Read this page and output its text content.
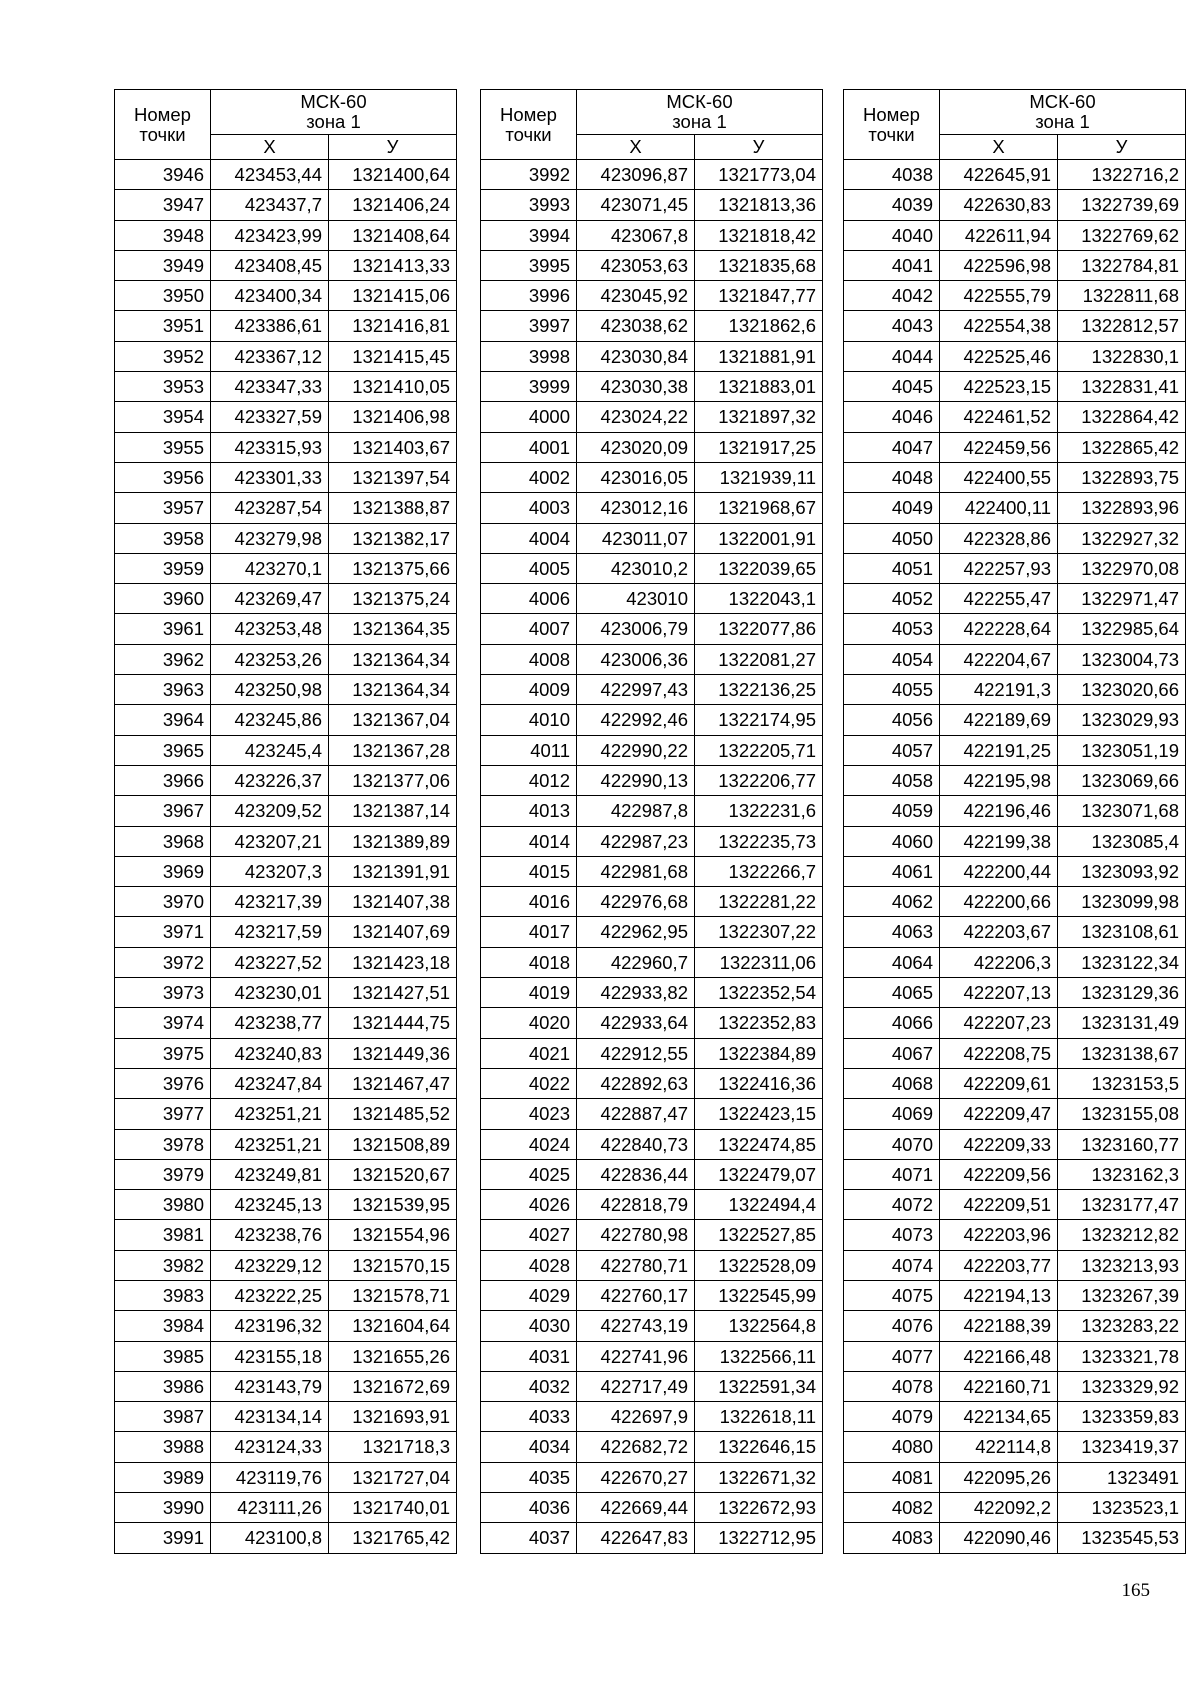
Номер
точки	МСК-60
зона 1	

	Х	У
3946	423453,44	1321400,64
3947	423437,7	1321406,24
3948	423423,99	1321408,64
3949	423408,45	1321413,33
3950	423400,34	1321415,06
3951	423386,61	1321416,81
3952	423367,12	1321415,45
3953	423347,33	1321410,05
3954	423327,59	1321406,98
3955	423315,93	1321403,67
3956	423301,33	1321397,54
3957	423287,54	1321388,87
3958	423279,98	1321382,17
3959	423270,1	1321375,66
3960	423269,47	1321375,24
3961	423253,48	1321364,35
3962	423253,26	1321364,34
3963	423250,98	1321364,34
3964	423245,86	1321367,04
3965	423245,4	1321367,28
3966	423226,37	1321377,06
3967	423209,52	1321387,14
3968	423207,21	1321389,89
3969	423207,3	1321391,91
3970	423217,39	1321407,38
3971	423217,59	1321407,69
3972	423227,52	1321423,18
3973	423230,01	1321427,51
3974	423238,77	1321444,75
3975	423240,83	1321449,36
3976	423247,84	1321467,47
3977	423251,21	1321485,52
3978	423251,21	1321508,89
3979	423249,81	1321520,67
3980	423245,13	1321539,95
3981	423238,76	1321554,96
3982	423229,12	1321570,15
3983	423222,25	1321578,71
3984	423196,32	1321604,64
3985	423155,18	1321655,26
3986	423143,79	1321672,69
3987	423134,14	1321693,91
3988	423124,33	1321718,3
3989	423119,76	1321727,04
3990	423111,26	1321740,01
3991	423100,8	1321765,42
Номер
точки	МСК-60
зона 1	

	Х	У
3992	423096,87	1321773,04
3993	423071,45	1321813,36
3994	423067,8	1321818,42
3995	423053,63	1321835,68
3996	423045,92	1321847,77
3997	423038,62	1321862,6
3998	423030,84	1321881,91
3999	423030,38	1321883,01
4000	423024,22	1321897,32
4001	423020,09	1321917,25
4002	423016,05	1321939,11
4003	423012,16	1321968,67
4004	423011,07	1322001,91
4005	423010,2	1322039,65
4006	423010	1322043,1
4007	423006,79	1322077,86
4008	423006,36	1322081,27
4009	422997,43	1322136,25
4010	422992,46	1322174,95
4011	422990,22	1322205,71
4012	422990,13	1322206,77
4013	422987,8	1322231,6
4014	422987,23	1322235,73
4015	422981,68	1322266,7
4016	422976,68	1322281,22
4017	422962,95	1322307,22
4018	422960,7	1322311,06
4019	422933,82	1322352,54
4020	422933,64	1322352,83
4021	422912,55	1322384,89
4022	422892,63	1322416,36
4023	422887,47	1322423,15
4024	422840,73	1322474,85
4025	422836,44	1322479,07
4026	422818,79	1322494,4
4027	422780,98	1322527,85
4028	422780,71	1322528,09
4029	422760,17	1322545,99
4030	422743,19	1322564,8
4031	422741,96	1322566,11
4032	422717,49	1322591,34
4033	422697,9	1322618,11
4034	422682,72	1322646,15
4035	422670,27	1322671,32
4036	422669,44	1322672,93
4037	422647,83	1322712,95
Номер
точки	МСК-60
зона 1	

	Х	У
4038	422645,91	1322716,2
4039	422630,83	1322739,69
4040	422611,94	1322769,62
4041	422596,98	1322784,81
4042	422555,79	1322811,68
4043	422554,38	1322812,57
4044	422525,46	1322830,1
4045	422523,15	1322831,41
4046	422461,52	1322864,42
4047	422459,56	1322865,42
4048	422400,55	1322893,75
4049	422400,11	1322893,96
4050	422328,86	1322927,32
4051	422257,93	1322970,08
4052	422255,47	1322971,47
4053	422228,64	1322985,64
4054	422204,67	1323004,73
4055	422191,3	1323020,66
4056	422189,69	1323029,93
4057	422191,25	1323051,19
4058	422195,98	1323069,66
4059	422196,46	1323071,68
4060	422199,38	1323085,4
4061	422200,44	1323093,92
4062	422200,66	1323099,98
4063	422203,67	1323108,61
4064	422206,3	1323122,34
4065	422207,13	1323129,36
4066	422207,23	1323131,49
4067	422208,75	1323138,67
4068	422209,61	1323153,5
4069	422209,47	1323155,08
4070	422209,33	1323160,77
4071	422209,56	1323162,3
4072	422209,51	1323177,47
4073	422203,96	1323212,82
4074	422203,77	1323213,93
4075	422194,13	1323267,39
4076	422188,39	1323283,22
4077	422166,48	1323321,78
4078	422160,71	1323329,92
4079	422134,65	1323359,83
4080	422114,8	1323419,37
4081	422095,26	1323491
4082	422092,2	1323523,1
4083	422090,46	1323545,53
165
